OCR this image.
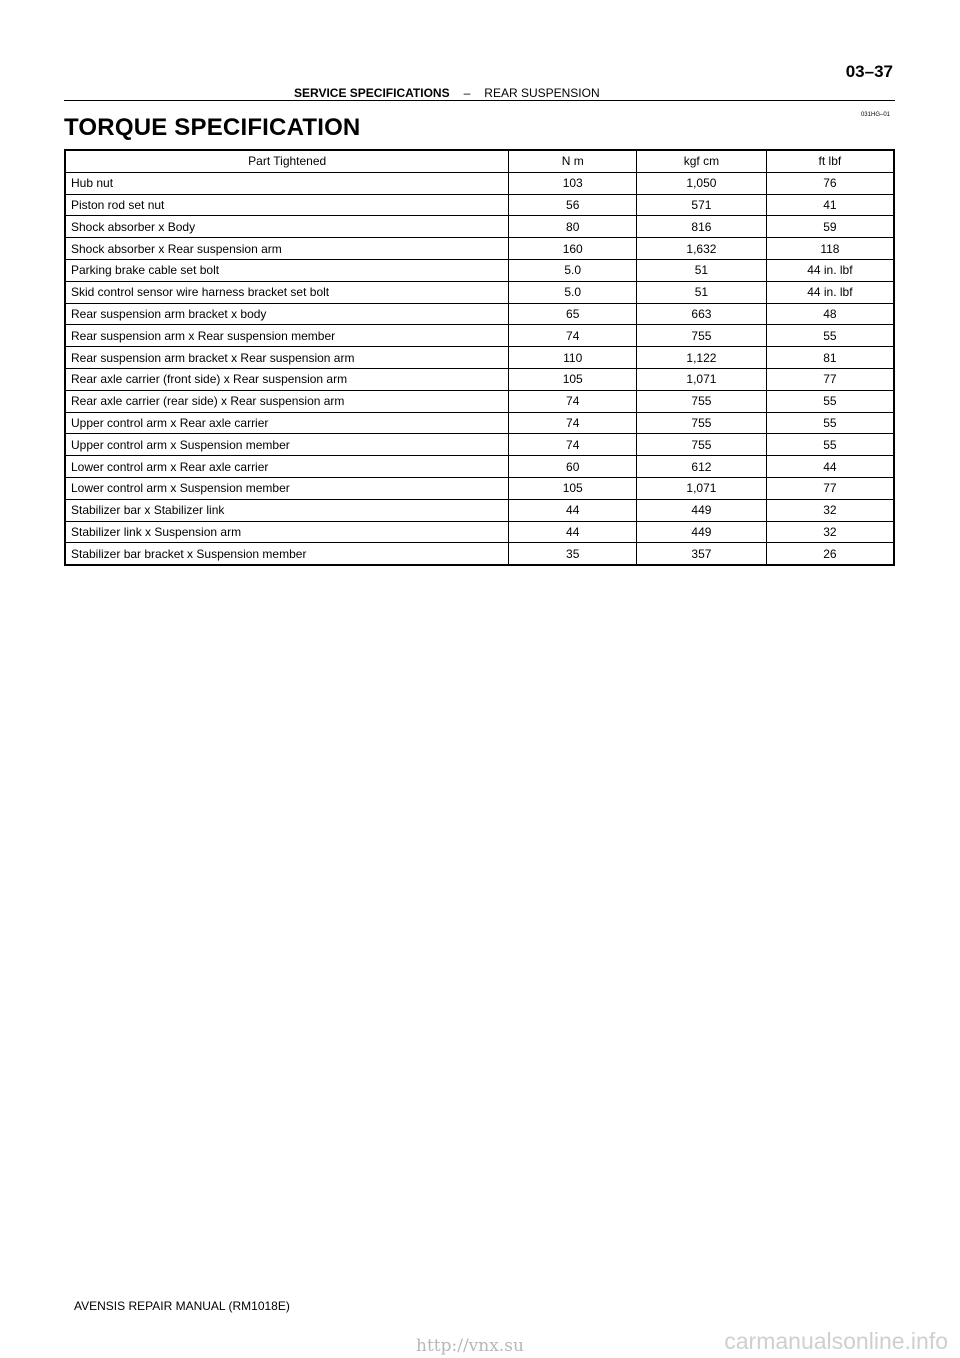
03–37
SERVICE SPECIFICATIONS – REAR SUSPENSION
031HG–01
TORQUE SPECIFICATION
Part Tightened	N m	kgf cm	ft lbf
Hub nut	103	1,050	76
Piston rod set nut	56	571	41
Shock absorber x Body	80	816	59
Shock absorber x Rear suspension arm	160	1,632	118
Parking brake cable set bolt	5.0	51	44 in. lbf
Skid control sensor wire harness bracket set bolt	5.0	51	44 in. lbf
Rear suspension arm bracket x body	65	663	48
Rear suspension arm x Rear suspension member	74	755	55
Rear suspension arm bracket x Rear suspension arm	110	1,122	81
Rear axle carrier (front side) x Rear suspension arm	105	1,071	77
Rear axle carrier (rear side) x Rear suspension arm	74	755	55
Upper control arm x Rear axle carrier	74	755	55
Upper control arm x Suspension member	74	755	55
Lower control arm x Rear axle carrier	60	612	44
Lower control arm x Suspension member	105	1,071	77
Stabilizer bar x Stabilizer link	44	449	32
Stabilizer link x Suspension arm	44	449	32
Stabilizer bar bracket x Suspension member	35	357	26
AVENSIS REPAIR MANUAL (RM1018E)
http://vnx.su	carmanualsonline.info
